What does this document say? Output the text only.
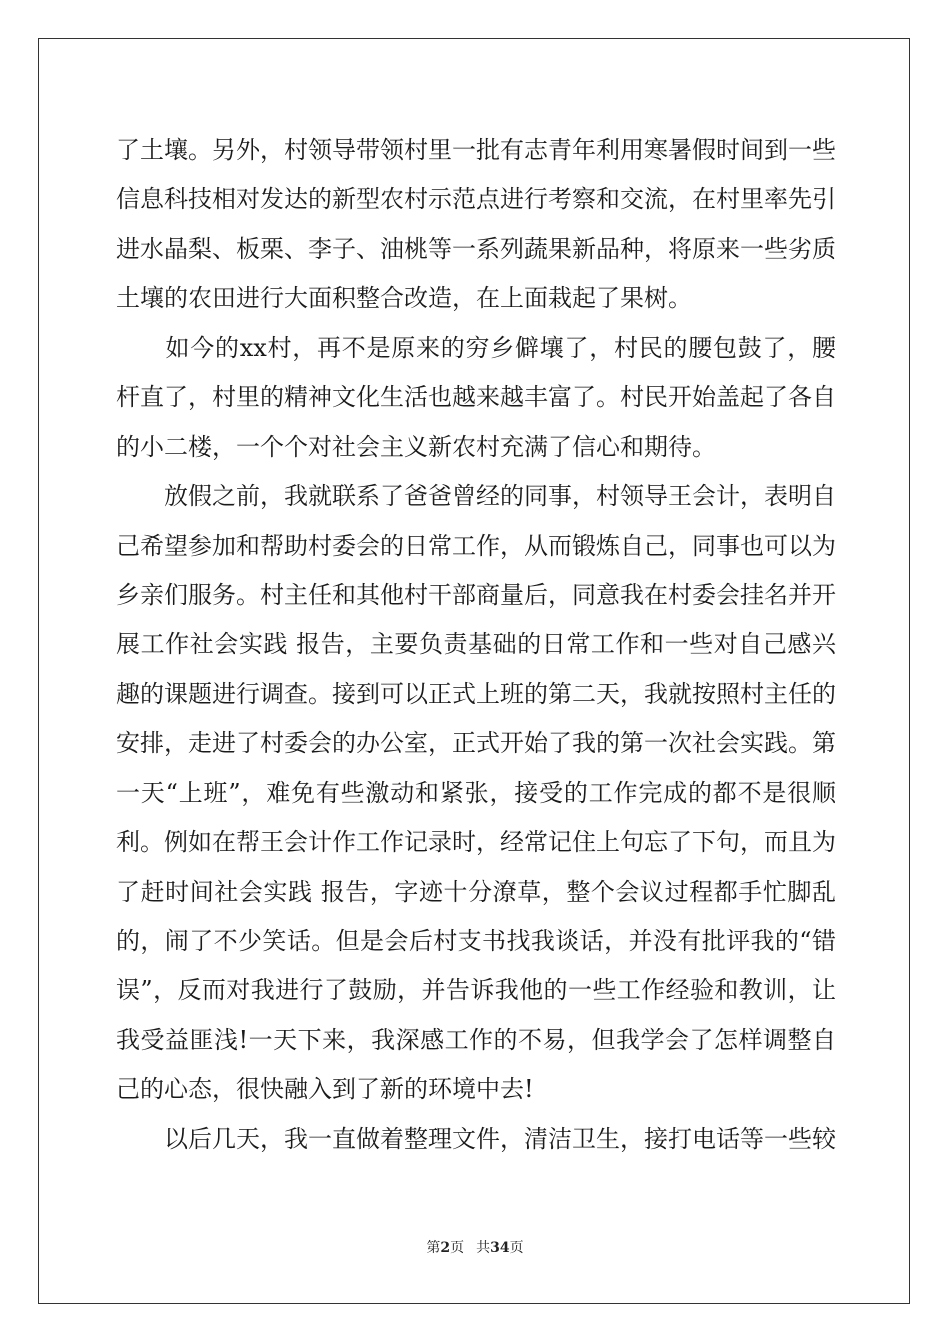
了土壤。另外，村领导带领村里一批有志青年利用寒暑假时间到一些
信息科技相对发达的新型农村示范点进行考察和交流，在村里率先引
进水晶梨、板栗、李子、油桃等一系列蔬果新品种，将原来一些劣质
土壤的农田进行大面积整合改造，在上面栽起了果树。
　　如今的xx村，再不是原来的穷乡僻壤了，村民的腰包鼓了，腰
杆直了，村里的精神文化生活也越来越丰富了。村民开始盖起了各自
的小二楼，一个个对社会主义新农村充满了信心和期待。
　　放假之前，我就联系了爸爸曾经的同事，村领导王会计，表明自
己希望参加和帮助村委会的日常工作，从而锻炼自己，同事也可以为
乡亲们服务。村主任和其他村干部商量后，同意我在村委会挂名并开
展工作社会实践 报告，主要负责基础的日常工作和一些对自己感兴
趣的课题进行调查。接到可以正式上班的第二天，我就按照村主任的
安排，走进了村委会的办公室，正式开始了我的第一次社会实践。第
一天“上班”，难免有些激动和紧张，接受的工作完成的都不是很顺
利。例如在帮王会计作工作记录时，经常记住上句忘了下句，而且为
了赶时间社会实践 报告，字迹十分潦草，整个会议过程都手忙脚乱
的，闹了不少笑话。但是会后村支书找我谈话，并没有批评我的“错
误”，反而对我进行了鼓励，并告诉我他的一些工作经验和教训，让
我受益匪浅!一天下来，我深感工作的不易，但我学会了怎样调整自
己的心态，很快融入到了新的环境中去!
　　以后几天，我一直做着整理文件，清洁卫生，接打电话等一些较
第2页 共34页
